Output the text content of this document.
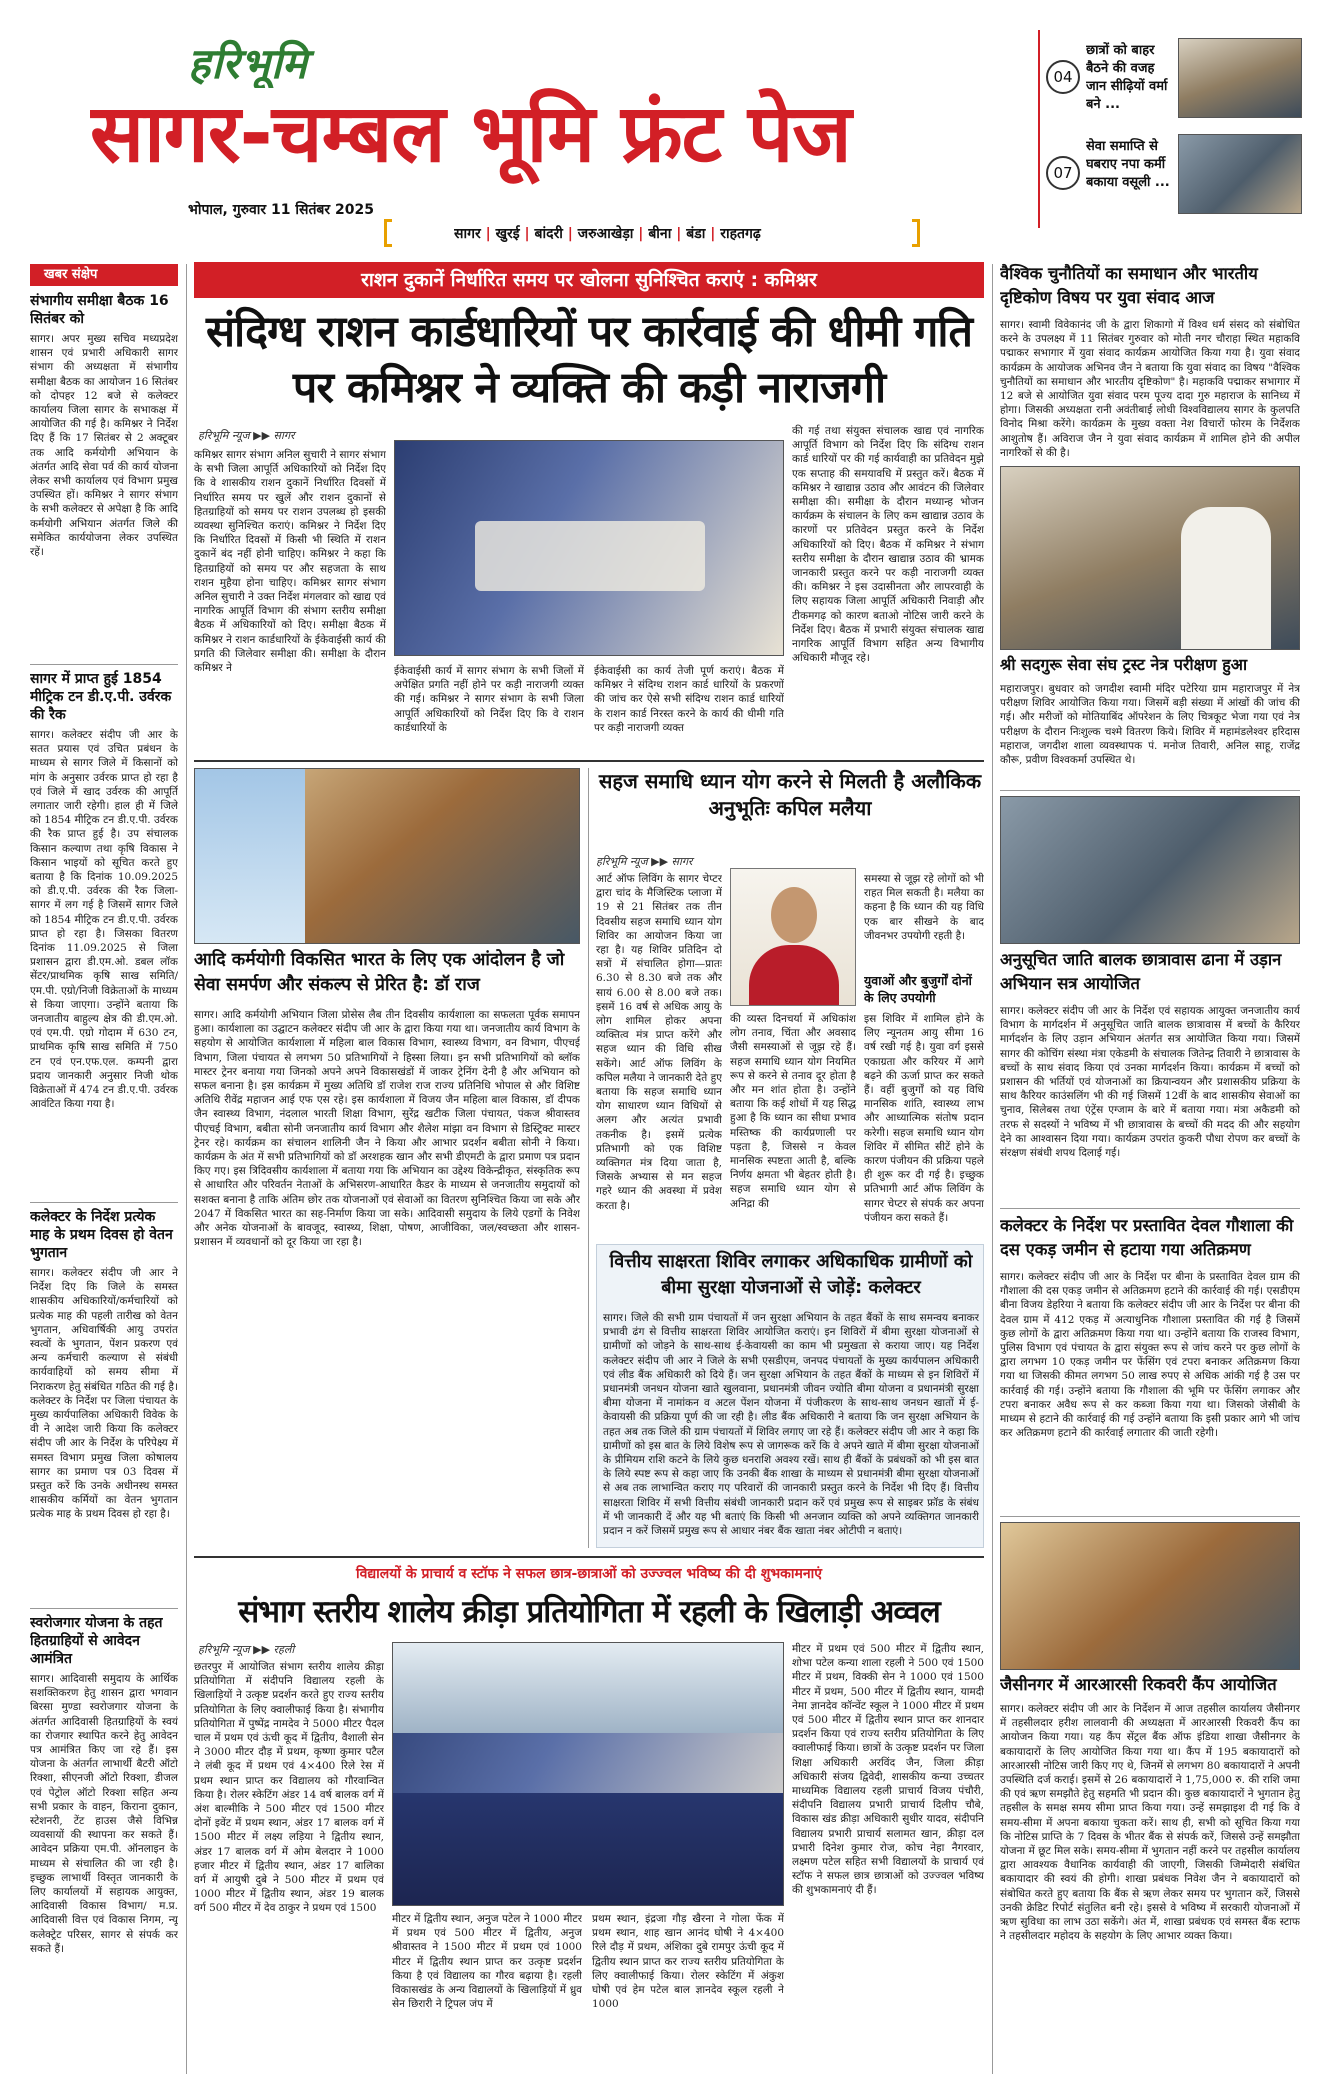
हरिभूमि
सागर-चम्बल भूमि फ्रंट पेज
भोपाल, गुरुवार 11 सितंबर 2025
सागर | खुरई | बांदरी | जरुआखेड़ा | बीना | बंडा | राहतगढ़
04
छात्रों को बाहर बैठने की वजह जान सीढ़ियों वर्मा बने ...
07
सेवा समाप्ति से घबराए नपा कर्मी बकाया वसूली ...
खबर संक्षेप
संभागीय समीक्षा बैठक 16 सितंबर को
सागर। अपर मुख्य सचिव मध्यप्रदेश शासन एवं प्रभारी अधिकारी सागर संभाग की अध्यक्षता में संभागीय समीक्षा बैठक का आयोजन 16 सितंबर को दोपहर 12 बजे से कलेक्टर कार्यालय जिला सागर के सभाकक्ष में आयोजित की गई है। कमिश्नर ने निर्देश दिए हैं कि 17 सितंबर से 2 अक्टूबर तक आदि कर्मयोगी अभियान के अंतर्गत आदि सेवा पर्व की कार्य योजना लेकर सभी कार्यालय एवं विभाग प्रमुख उपस्थित हों। कमिश्नर ने सागर संभाग के सभी कलेक्टर से अपेक्षा है कि आदि कर्मयोगी अभियान अंतर्गत जिले की समेकित कार्ययोजना लेकर उपस्थित रहें।
सागर में प्राप्त हुई 1854 मीट्रिक टन डी.ए.पी. उर्वरक की रैक
सागर। कलेक्टर संदीप जी आर के सतत प्रयास एवं उचित प्रबंधन के माध्यम से सागर जिले में किसानों को मांग के अनुसार उर्वरक प्राप्त हो रहा है एवं जिले में खाद उर्वरक की आपूर्ति लगातार जारी रहेगी। हाल ही में जिले को 1854 मीट्रिक टन डी.ए.पी. उर्वरक की रैक प्राप्त हुई है। उप संचालक किसान कल्याण तथा कृषि विकास ने किसान भाइयों को सूचित करते हुए बताया है कि दिनांक 10.09.2025 को डी.ए.पी. उर्वरक की रैक जिला-सागर में लग गई है जिसमें सागर जिले को 1854 मीट्रिक टन डी.ए.पी. उर्वरक प्राप्त हो रहा है। जिसका वितरण दिनांक 11.09.2025 से जिला प्रशासन द्वारा डी.एम.ओ. डबल लॉक सेंटर/प्राथमिक कृषि साख समिति/एम.पी. एग्रो/निजी विक्रेताओं के माध्यम से किया जाएगा। उन्होंने बताया कि जनजातीय बाहुल्य क्षेत्र की डी.एम.ओ. एवं एम.पी. एग्रो गोदाम में 630 टन, प्राथमिक कृषि साख समिति में 750 टन एवं एन.एफ.एल. कम्पनी द्वारा प्रदाय जानकारी अनुसार निजी थोक विक्रेताओं में 474 टन डी.ए.पी. उर्वरक आवंटित किया गया है।
कलेक्टर के निर्देश प्रत्येक माह के प्रथम दिवस हो वेतन भुगतान
सागर। कलेक्टर संदीप जी आर ने निर्देश दिए कि जिले के समस्त शासकीय अधिकारियों/कर्मचारियों को प्रत्येक माह की पहली तारीख को वेतन भुगतान, अधिवार्षिकी आयु उपरांत स्वत्वों के भुगतान, पेंशन प्रकरण एवं अन्य कर्मचारी कल्याण से संबंधी कार्यवाहियों को समय सीमा में निराकरण हेतु संबंधित गठित की गई है। कलेक्टर के निर्देश पर जिला पंचायत के मुख्य कार्यपालिका अधिकारी विवेक के वी ने आदेश जारी किया कि कलेक्टर संदीप जी आर के निर्देश के परिपेक्ष्य में समस्त विभाग प्रमुख जिला कोषालय सागर का प्रमाण पत्र 03 दिवस में प्रस्तुत करें कि उनके अधीनस्थ समस्त शासकीय कर्मियों का वेतन भुगतान प्रत्येक माह के प्रथम दिवस हो रहा है।
स्वरोजगार योजना के तहत हितग्राहियों से आवेदन आमंत्रित
सागर। आदिवासी समुदाय के आर्थिक सशक्तिकरण हेतु शासन द्वारा भगवान बिरसा मुण्डा स्वरोजगार योजना के अंतर्गत आदिवासी हितग्राहियों के स्वयं का रोजगार स्थापित करने हेतु आवेदन पत्र आमंत्रित किए जा रहे हैं। इस योजना के अंतर्गत लाभार्थी बैटरी ऑटो रिक्शा, सीएनजी ऑटो रिक्शा, डीजल एवं पेट्रोल ऑटो रिक्शा सहित अन्य सभी प्रकार के वाहन, किराना दुकान, स्टेशनरी, टेंट हाउस जैसे विभिन्न व्यवसायों की स्थापना कर सकते हैं। आवेदन प्रक्रिया एम.पी. ऑनलाइन के माध्यम से संचालित की जा रही है। इच्छुक लाभार्थी विस्तृत जानकारी के लिए कार्यालयों में सहायक आयुक्त, आदिवासी विकास विभाग/ म.प्र. आदिवासी वित्त एवं विकास निगम, न्यू कलेक्ट्रेट परिसर, सागर से संपर्क कर सकते हैं।
राशन दुकानें निर्धारित समय पर खोलना सुनिश्चित कराएं : कमिश्नर
संदिग्ध राशन कार्डधारियों पर कार्रवाई की धीमी गति पर कमिश्नर ने व्यक्ति की कड़ी नाराजगी
हरिभूमि न्यूज ▶▶ सागर
कमिश्नर सागर संभाग अनिल सुचारी ने सागर संभाग के सभी जिला आपूर्ति अधिकारियों को निर्देश दिए कि वे शासकीय राशन दुकानें निर्धारित दिवसों में निर्धारित समय पर खुलें और राशन दुकानों से हितग्राहियों को समय पर राशन उपलब्ध हो इसकी व्यवस्था सुनिश्चित कराएं। कमिश्नर ने निर्देश दिए कि निर्धारित दिवसों में किसी भी स्थिति में राशन दुकानें बंद नहीं होनी चाहिए। कमिश्नर ने कहा कि हितग्राहियों को समय पर और सहजता के साथ राशन मुहैया होना चाहिए। कमिश्नर सागर संभाग अनिल सुचारी ने उक्त निर्देश मंगलवार को खाद्य एवं नागरिक आपूर्ति विभाग की संभाग स्तरीय समीक्षा बैठक में अधिकारियों को दिए। समीक्षा बैठक में कमिश्नर ने राशन कार्डधारियों के ईकेवाईसी कार्य की प्रगति की जिलेवार समीक्षा की। समीक्षा के दौरान कमिश्नर ने	ईकेवाईसी कार्य में सागर संभाग के सभी जिलों में अपेक्षित प्रगति नहीं होने पर कड़ी नाराजगी व्यक्त की गई। कमिश्नर ने सागर संभाग के सभी जिला आपूर्ति अधिकारियों को निर्देश दिए कि वे राशन कार्डधारियों के
ईकेवाईसी का कार्य तेजी पूर्ण कराएं। बैठक में कमिश्नर ने संदिग्ध राशन कार्ड धारियों के प्रकरणों की जांच कर ऐसे सभी संदिग्ध राशन कार्ड धारियों के राशन कार्ड निरस्त करने के कार्य की धीमी गति पर कड़ी नाराजगी व्यक्त
की गई तथा संयुक्त संचालक खाद्य एवं नागरिक आपूर्ति विभाग को निर्देश दिए कि संदिग्ध राशन कार्ड धारियों पर की गई कार्यवाही का प्रतिवेदन मुझे एक सप्ताह की समयावधि में प्रस्तुत करें। बैठक में कमिश्नर ने खाद्यान्न उठाव और आवंटन की जिलेवार समीक्षा की। समीक्षा के दौरान मध्यान्ह भोजन कार्यक्रम के संचालन के लिए कम खाद्यान्न उठाव के कारणों पर प्रतिवेदन प्रस्तुत करने के निर्देश अधिकारियों को दिए। बैठक में कमिश्नर ने संभाग स्तरीय समीक्षा के दौरान खाद्यान्न उठाव की भ्रामक जानकारी प्रस्तुत करने पर कड़ी नाराजगी व्यक्त की। कमिश्नर ने इस उदासीनता और लापरवाही के लिए सहायक जिला आपूर्ति अधिकारी निवाड़ी और टीकमगढ़ को कारण बताओ नोटिस जारी करने के निर्देश दिए। बैठक में प्रभारी संयुक्त संचालक खाद्य नागरिक आपूर्ति विभाग सहित अन्य विभागीय अधिकारी मौजूद रहे।
आदि कर्मयोगी विकसित भारत के लिए एक आंदोलन है जो सेवा समर्पण और संकल्प से प्रेरित है: डॉ राज
सागर। आदि कर्मयोगी अभियान जिला प्रोसेस लैब तीन दिवसीय कार्यशाला का सफलता पूर्वक समापन हुआ। कार्यशाला का उद्घाटन कलेक्टर संदीप जी आर के द्वारा किया गया था। जनजातीय कार्य विभाग के सहयोग से आयोजित कार्यशाला में महिला बाल विकास विभाग, स्वास्थ्य विभाग, वन विभाग, पीएचई विभाग, जिला पंचायत से लगभग 50 प्रतिभागियों ने हिस्सा लिया। इन सभी प्रतिभागियों को ब्लॉक मास्टर ट्रेनर बनाया गया जिनको अपने अपने विकासखंडों में जाकर ट्रेनिंग देनी है और अभियान को सफल बनाना है। इस कार्यक्रम में मुख्य अतिथि डॉ राजेश राज राज्य प्रतिनिधि भोपाल से और विशिष्ट अतिथि रीवेंद्र महाजन आई एफ एस रहे। इस कार्यशाला में विजय जैन महिला बाल विकास, डॉ दीपक जैन स्वास्थ्य विभाग, नंदलाल भारती शिक्षा विभाग, सुरेंद्र खटीक जिला पंचायत, पंकज श्रीवास्तव पीएचई विभाग, बबीता सोनी जनजातीय कार्य विभाग और शैलेश मांझा वन विभाग से डिस्ट्रिक्ट मास्टर ट्रेनर रहे। कार्यक्रम का संचालन शालिनी जैन ने किया और आभार प्रदर्शन बबीता सोनी ने किया। कार्यक्रम के अंत में सभी प्रतिभागियों को डॉ अरशहक खान और सभी डीएमटी के द्वारा प्रमाण पत्र प्रदान किए गए। इस त्रिदिवसीय कार्यशाला में बताया गया कि अभियान का उद्देश्य विकेन्द्रीकृत, संस्कृतिक रूप से आधारित और परिवर्तन नेताओं के अभिसरण-आधारित कैडर के माध्यम से जनजातीय समुदायों को सशक्त बनाना है ताकि अंतिम छोर तक योजनाओं एवं सेवाओं का वितरण सुनिश्चित किया जा सके और 2047 में विकसित भारत का सह-निर्माण किया जा सके। आदिवासी समुदाय के लिये एडगों के निवेश और अनेक योजनाओं के बावजूद, स्वास्थ्य, शिक्षा, पोषण, आजीविका, जल/स्वच्छता और शासन-प्रशासन में व्यवधानों को दूर किया जा रहा है।
सहज समाधि ध्यान योग करने से मिलती है अलौकिक अनुभूतिः कपिल मलैया
हरिभूमि न्यूज ▶▶ सागर
आर्ट ऑफ लिविंग के सागर चेप्टर द्वारा चांद के मैजिस्टिक प्लाजा में 19 से 21 सितंबर तक तीन दिवसीय सहज समाधि ध्यान योग शिविर का आयोजन किया जा रहा है। यह शिविर प्रतिदिन दो सत्रों में संचालित होगा—प्रातः 6.30 से 8.30 बजे तक और सायं 6.00 से 8.00 बजे तक। इसमें 16 वर्ष से अधिक आयु के लोग शामिल होकर अपना व्यक्तित्व मंत्र प्राप्त करेंगे और सहज ध्यान की विधि सीख सकेंगे। आर्ट ऑफ लिविंग के कपिल मलैया ने जानकारी देते हुए बताया कि सहज समाधि ध्यान योग साधारण ध्यान विधियों से अलग और अत्यंत प्रभावी तकनीक है। इसमें प्रत्येक प्रतिभागी को एक विशिष्ट व्यक्तिगत मंत्र दिया जाता है, जिसके अभ्यास से मन सहज गहरे ध्यान की अवस्था में प्रवेश करता है।
की व्यस्त दिनचर्या में अधिकांश लोग तनाव, चिंता और अवसाद जैसी समस्याओं से जूझ रहे हैं। सहज समाधि ध्यान योग नियमित रूप से करने से तनाव दूर होता है और मन शांत होता है। उन्होंने बताया कि कई शोधों में यह सिद्ध हुआ है कि ध्यान का सीधा प्रभाव मस्तिष्क की कार्यप्रणाली पर पड़ता है, जिससे न केवल मानसिक स्पष्टता आती है, बल्कि निर्णय क्षमता भी बेहतर होती है। सहज समाधि ध्यान योग से अनिद्रा की
समस्या से जूझ रहे लोगों को भी राहत मिल सकती है। मलैया का कहना है कि ध्यान की यह विधि एक बार सीखने के बाद जीवनभर उपयोगी रहती है।
युवाओं और बुजुर्गों दोनों के लिए उपयोगी
इस शिविर में शामिल होने के लिए न्यूनतम आयु सीमा 16 वर्ष रखी गई है। युवा वर्ग इससे एकाग्रता और करियर में आगे बढ़ने की ऊर्जा प्राप्त कर सकते हैं। वहीं बुजुर्गों को यह विधि मानसिक शांति, स्वास्थ्य लाभ और आध्यात्मिक संतोष प्रदान करेगी। सहज समाधि ध्यान योग शिविर में सीमित सीटें होने के कारण पंजीयन की प्रक्रिया पहले ही शुरू कर दी गई है। इच्छुक प्रतिभागी आर्ट ऑफ लिविंग के सागर चेप्टर से संपर्क कर अपना पंजीयन करा सकते हैं।
वित्तीय साक्षरता शिविर लगाकर अधिकाधिक ग्रामीणों को बीमा सुरक्षा योजनाओं से जोड़ें: कलेक्टर
सागर। जिले की सभी ग्राम पंचायतों में जन सुरक्षा अभियान के तहत बैंकों के साथ समन्वय बनाकर प्रभावी ढंग से वित्तीय साक्षरता शिविर आयोजित कराएं। इन शिविरों में बीमा सुरक्षा योजनाओं से ग्रामीणों को जोड़ने के साथ-साथ ई-केवायसी का काम भी प्रमुखता से कराया जाए। यह निर्देश कलेक्टर संदीप जी आर ने जिले के सभी एसडीएम, जनपद पंचायतों के मुख्य कार्यपालन अधिकारी एवं लीड बैंक अधिकारी को दिये हैं। जन सुरक्षा अभियान के तहत बैंकों के माध्यम से इन शिविरों में प्रधानमंत्री जनधन योजना खाते खुलवाना, प्रधानमंत्री जीवन ज्योति बीमा योजना व प्रधानमंत्री सुरक्षा बीमा योजना में नामांकन व अटल पेंशन योजना में पंजीकरण के साथ-साथ जनधन खातों में ई-केवायसी की प्रक्रिया पूर्ण की जा रही है। लीड बैंक अधिकारी ने बताया कि जन सुरक्षा अभियान के तहत अब तक जिले की ग्राम पंचायतों में शिविर लगाए जा रहे हैं। कलेक्टर संदीप जी आर ने कहा कि ग्रामीणों को इस बात के लिये विशेष रूप से जागरूक करें कि वे अपने खाते में बीमा सुरक्षा योजनाओं के प्रीमियम राशि कटने के लिये कुछ धनराशि अवश्य रखें। साथ ही बैंकों के प्रबंधकों को भी इस बात के लिये स्पष्ट रूप से कहा जाए कि उनकी बैंक शाखा के माध्यम से प्रधानमंत्री बीमा सुरक्षा योजनाओं से अब तक लाभान्वित कराए गए परिवारों की जानकारी प्रस्तुत करने के निर्देश भी दिए हैं। वित्तीय साक्षरता शिविर में सभी वित्तीय संबंधी जानकारी प्रदान करें एवं प्रमुख रूप से साइबर फ्रॉड के संबंध में भी जानकारी दें और यह भी बताएं कि किसी भी अनजान व्यक्ति को अपने व्यक्तिगत जानकारी प्रदान न करें जिसमें प्रमुख रूप से आधार नंबर बैंक खाता नंबर ओटीपी न बताएं।
विद्यालयों के प्राचार्य व स्टॉफ ने सफल छात्र-छात्राओं को उज्ज्वल भविष्य की दी शुभकामनाएं
संभाग स्तरीय शालेय क्रीड़ा प्रतियोगिता में रहली के खिलाड़ी अव्वल
हरिभूमि न्यूज ▶▶ रहली
छतरपुर में आयोजित संभाग स्तरीय शालेय क्रीड़ा प्रतियोगिता में संदीपनि विद्यालय रहली के खिलाड़ियों ने उत्कृष्ट प्रदर्शन करते हुए राज्य स्तरीय प्रतियोगिता के लिए क्वालीफाई किया है। संभागीय प्रतियोगिता में पुष्पेंद्र नामदेव ने 5000 मीटर पैदल चाल में प्रथम एवं ऊंची कूद में द्वितीय, वैशाली सेन ने 3000 मीटर दौड़ में प्रथम, कृष्णा कुमार पटैल ने लंबी कूद में प्रथम एवं 4×400 रिले रेस में प्रथम स्थान प्राप्त कर विद्यालय को गौरवान्वित किया है। रोलर स्केटिंग अंडर 14 वर्ष बालक वर्ग में अंश बाल्मीकि ने 500 मीटर एवं 1500 मीटर दोनों इवेंट में प्रथम स्थान, अंडर 17 बालक वर्ग में 1500 मीटर में लक्ष्य लड़िया ने द्वितीय स्थान, अंडर 17 बालक वर्ग में ओम बेलदार ने 1000 हजार मीटर में द्वितीय स्थान, अंडर 17 बालिका वर्ग में आयुषी दुबे ने 500 मीटर में प्रथम एवं 1000 मीटर में द्वितीय स्थान, अंडर 19 बालक वर्ग 500 मीटर में देव ठाकुर ने प्रथम एवं 1500
मीटर में द्वितीय स्थान, अनुज पटेल ने 1000 मीटर में प्रथम एवं 500 मीटर में द्वितीय, अनुज श्रीवास्तव ने 1500 मीटर में प्रथम एवं 1000 मीटर में द्वितीय स्थान प्राप्त कर उत्कृष्ट प्रदर्शन किया है एवं विद्यालय का गौरव बढ़ाया है। रहली विकासखंड के अन्य विद्यालयों के खिलाड़ियों में ध्रुव सेन छिरारी ने ट्रिपल जंप में
प्रथम स्थान, इंद्रजा गौड़ खैरना ने गोला फेंक में प्रथम स्थान, शाह खान आनंद घोषी ने 4×400 रिले दौड़ में प्रथम, अंशिका दुबे रामपुर ऊंची कूद में द्वितीय स्थान प्राप्त कर राज्य स्तरीय प्रतियोगिता के लिए क्वालीफाई किया। रोलर स्केटिंग में अंकुश घोषी एवं हेम पटेल बाल ज्ञानदेव स्कूल रहली ने 1000
मीटर में प्रथम एवं 500 मीटर में द्वितीय स्थान, शोभा पटेल कन्या शाला रहली ने 500 एवं 1500 मीटर में प्रथम, विक्की सेन ने 1000 एवं 1500 मीटर में प्रथम, 500 मीटर में द्वितीय स्थान, यामदी नेमा ज्ञानदेव कॉन्वेंट स्कूल ने 1000 मीटर में प्रथम एवं 500 मीटर में द्वितीय स्थान प्राप्त कर शानदार प्रदर्शन किया एवं राज्य स्तरीय प्रतियोगिता के लिए क्वालीफाई किया। छात्रों के उत्कृष्ट प्रदर्शन पर जिला शिक्षा अधिकारी अरविंद जैन, जिला क्रीड़ा अधिकारी संजय द्विवेदी, शासकीय कन्या उच्चतर माध्यमिक विद्यालय रहली प्राचार्य विजय पंचौरी, संदीपनि विद्यालय प्रभारी प्राचार्य दिलीप चौबे, विकास खंड क्रीड़ा अधिकारी सुधीर यादव, संदीपनि विद्यालय प्रभारी प्राचार्य सलामत खान, क्रीड़ा दल प्रभारी दिनेश कुमार रोज, कोच नेहा नैगरवार, लक्ष्मण पटेल सहित सभी विद्यालयों के प्राचार्य एवं स्टॉफ ने सफल छात्र छात्राओं को उज्ज्वल भविष्य की शुभकामनाएं दी हैं।
वैश्विक चुनौतियों का समाधान और भारतीय दृष्टिकोण विषय पर युवा संवाद आज
सागर। स्वामी विवेकानंद जी के द्वारा शिकागो में विश्व धर्म संसद को संबोधित करने के उपलक्ष्य में 11 सितंबर गुरुवार को मोती नगर चौराहा स्थित महाकवि पद्माकर सभागार में युवा संवाद कार्यक्रम आयोजित किया गया है। युवा संवाद कार्यक्रम के आयोजक अभिनव जैन ने बताया कि युवा संवाद का विषय "वैश्विक चुनौतियों का समाधान और भारतीय दृष्टिकोण" है। महाकवि पद्माकर सभागार में 12 बजे से आयोजित युवा संवाद परम पूज्य दादा गुरु महाराज के सानिध्य में होगा। जिसकी अध्यक्षता रानी अवंतीबाई लोधी विश्वविद्यालय सागर के कुलपति विनोद मिश्रा करेंगे। कार्यक्रम के मुख्य वक्ता नेश विचारों फोरम के निर्देशक आशुतोष हैं। अविराज जैन ने युवा संवाद कार्यक्रम में शामिल होने की अपील नागरिकों से की है।
श्री सदगुरू सेवा संघ ट्रस्ट नेत्र परीक्षण हुआ
महाराजपुर। बुधवार को जगदीश स्वामी मंदिर पटेरिया ग्राम महाराजपुर में नेत्र परीक्षण शिविर आयोजित किया गया। जिसमें बड़ी संख्या में आंखों की जांच की गई। और मरीजों को मोतियाबिंद ऑपरेशन के लिए चित्रकूट भेजा गया एवं नेत्र परीक्षण के दौरान निःशुल्क चश्मे वितरण किये। शिविर में महामंडलेश्वर हरिदास महाराज, जगदीश शाला व्यवस्थापक पं. मनोज तिवारी, अनिल साहू, राजेंद्र कौरू, प्रवीण विश्वकर्मा उपस्थित थे।
अनुसूचित जाति बालक छात्रावास ढाना में उड़ान अभियान सत्र आयोजित
सागर। कलेक्टर संदीप जी आर के निर्देश एवं सहायक आयुक्त जनजातीय कार्य विभाग के मार्गदर्शन में अनुसूचित जाति बालक छात्रावास में बच्चों के कैरियर मार्गदर्शन के लिए उड़ान अभियान अंतर्गत सत्र आयोजित किया गया। जिसमें सागर की कोचिंग संस्था मंत्रा एकेडमी के संचालक जितेन्द्र तिवारी ने छात्रावास के बच्चों के साथ संवाद किया एवं उनका मार्गदर्शन किया। कार्यक्रम में बच्चों को प्रशासन की भर्तियों एवं योजनाओं का क्रियान्वयन और प्रशासकीय प्रक्रिया के साथ कैरियर काउंसलिंग भी की गई जिसमें 12वीं के बाद शासकीय सेवाओं का चुनाव, सिलेबस तथा एंट्रेंस एग्जाम के बारे में बताया गया। मंत्रा अकैडमी को तरफ से सदस्यों ने भविष्य में भी छात्रावास के बच्चों की मदद की और सहयोग देने का आश्वासन दिया गया। कार्यक्रम उपरांत कुकरी पौधा रोपण कर बच्चों के संरक्षण संबंधी शपथ दिलाई गई।
कलेक्टर के निर्देश पर प्रस्तावित देवल गौशाला की दस एकड़ जमीन से हटाया गया अतिक्रमण
सागर। कलेक्टर संदीप जी आर के निर्देश पर बीना के प्रस्तावित देवल ग्राम की गौशाला की दस एकड़ जमीन से अतिक्रमण हटाने की कार्रवाई की गई। एसडीएम बीना विजय डेहरिया ने बताया कि कलेक्टर संदीप जी आर के निर्देश पर बीना की देवल ग्राम में 412 एकड़ में अत्याधुनिक गौशाला प्रस्तावित की गई है जिसमें कुछ लोगों के द्वारा अतिक्रमण किया गया था। उन्होंने बताया कि राजस्व विभाग, पुलिस विभाग एवं पंचायत के द्वारा संयुक्त रूप से जांच करने पर कुछ लोगों के द्वारा लगभग 10 एकड़ जमीन पर फेंसिंग एवं टपरा बनाकर अतिक्रमण किया गया था जिसकी कीमत लगभग 50 लाख रुपए से अधिक आंकी गई है उस पर कार्रवाई की गई। उन्होंने बताया कि गौशाला की भूमि पर फेंसिंग लगाकर और टपरा बनाकर अवैध रूप से कर कब्जा किया गया था। जिसको जेसीबी के माध्यम से हटाने की कार्रवाई की गई उन्होंने बताया कि इसी प्रकार आगे भी जांच कर अतिक्रमण हटाने की कार्रवाई लगातार की जाती रहेगी।
जैसीनगर में आरआरसी रिकवरी कैंप आयोजित
सागर। कलेक्टर संदीप जी आर के निर्देशन में आज तहसील कार्यालय जैसीनगर में तहसीलदार हरीश लालवानी की अध्यक्षता में आरआरसी रिकवरी कैंप का आयोजन किया गया। यह कैंप सेंट्रल बैंक ऑफ इंडिया शाखा जैसीनगर के बकायादारों के लिए आयोजित किया गया था। कैंप में 195 बकायादारों को आरआरसी नोटिस जारी किए गए थे, जिनमें से लगभग 80 बकायादारों ने अपनी उपस्थिति दर्ज कराई। इसमें से 26 बकायादारों ने 1,75,000 रु. की राशि जमा की एवं ऋण समझौते हेतु सहमति भी प्रदान की। कुछ बकायादारों ने भुगतान हेतु तहसील के समक्ष समय सीमा प्राप्त किया गया। उन्हें समझाइश दी गई कि वे समय-सीमा में अपना बकाया चुकता करें। साथ ही, सभी को सूचित किया गया कि नोटिस प्राप्ति के 7 दिवस के भीतर बैंक से संपर्क करें, जिससे उन्हें समझौता योजना में छूट मिल सके। समय-सीमा में भुगतान नहीं करने पर तहसील कार्यालय द्वारा आवश्यक वैधानिक कार्यवाही की जाएगी, जिसकी जिम्मेदारी संबंधित बकायादार की स्वयं की होगी। शाखा प्रबंधक निवेश जैन ने बकायादारों को संबोधित करते हुए बताया कि बैंक से ऋण लेकर समय पर भुगतान करें, जिससे उनकी क्रेडिट रिपोर्ट संतुलित बनी रहे। इससे वे भविष्य में सरकारी योजनाओं में ऋण सुविधा का लाभ उठा सकेंगे। अंत में, शाखा प्रबंधक एवं समस्त बैंक स्टाफ ने तहसीलदार महोदय के सहयोग के लिए आभार व्यक्त किया।
